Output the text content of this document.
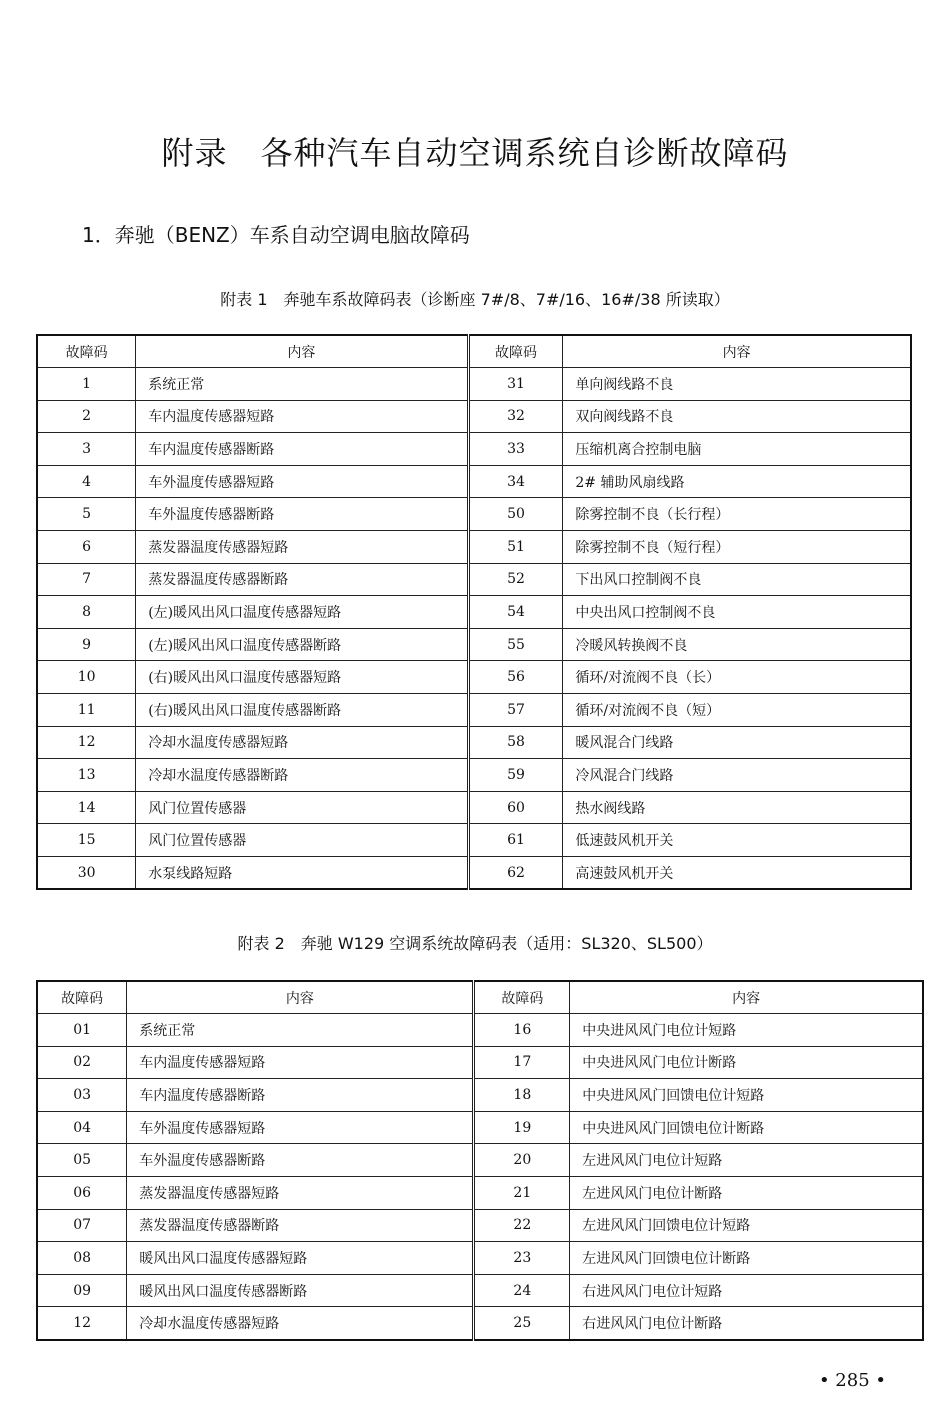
附录　各种汽车自动空调系统自诊断故障码
1．奔驰（BENZ）车系自动空调电脑故障码

附表 1　奔驰车系故障码表（诊断座 7#/8、7#/16、16#/38 所读取）

故障码	内容	故障码	内容
1	系统正常	31	单向阀线路不良
2	车内温度传感器短路	32	双向阀线路不良
3	车内温度传感器断路	33	压缩机离合控制电脑
4	车外温度传感器短路	34	2# 辅助风扇线路
5	车外温度传感器断路	50	除雾控制不良（长行程）
6	蒸发器温度传感器短路	51	除雾控制不良（短行程）
7	蒸发器温度传感器断路	52	下出风口控制阀不良
8	(左)暖风出风口温度传感器短路	54	中央出风口控制阀不良
9	(左)暖风出风口温度传感器断路	55	冷暖风转换阀不良
10	(右)暖风出风口温度传感器短路	56	循环/对流阀不良（长）
11	(右)暖风出风口温度传感器断路	57	循环/对流阀不良（短）
12	冷却水温度传感器短路	58	暖风混合门线路
13	冷却水温度传感器断路	59	冷风混合门线路
14	风门位置传感器	60	热水阀线路
15	风门位置传感器	61	低速鼓风机开关
30	水泵线路短路	62	高速鼓风机开关

附表 2　奔驰 W129 空调系统故障码表（适用：SL320、SL500）

故障码	内容	故障码	内容
01	系统正常	16	中央进风风门电位计短路
02	车内温度传感器短路	17	中央进风风门电位计断路
03	车内温度传感器断路	18	中央进风风门回馈电位计短路
04	车外温度传感器短路	19	中央进风风门回馈电位计断路
05	车外温度传感器断路	20	左进风风门电位计短路
06	蒸发器温度传感器短路	21	左进风风门电位计断路
07	蒸发器温度传感器断路	22	左进风风门回馈电位计短路
08	暖风出风口温度传感器短路	23	左进风风门回馈电位计断路
09	暖风出风口温度传感器断路	24	右进风风门电位计短路
12	冷却水温度传感器短路	25	右进风风门电位计断路
• 285 •
